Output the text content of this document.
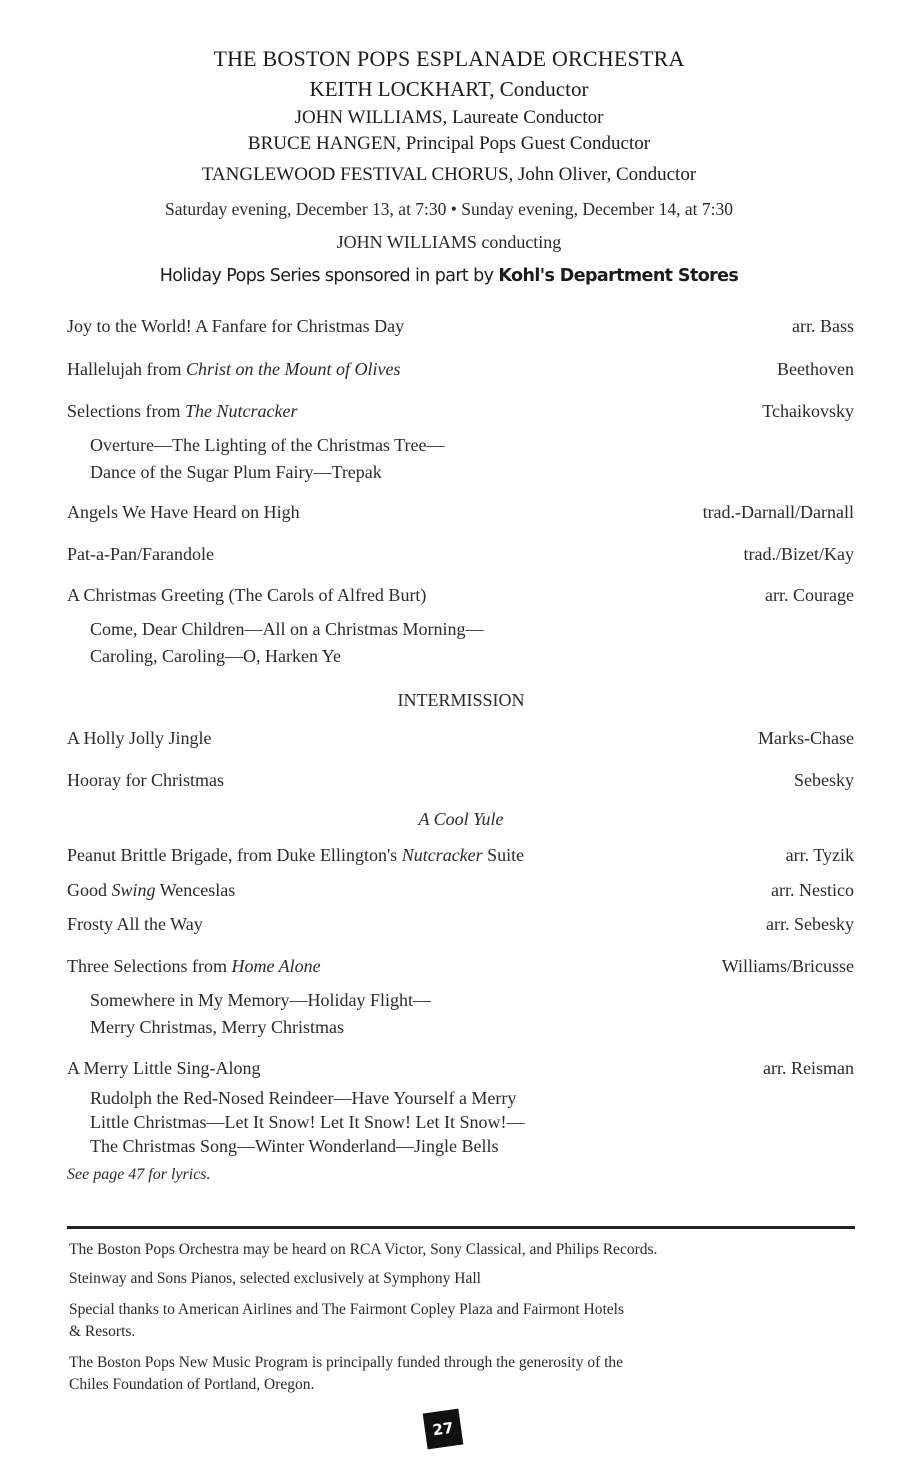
THE BOSTON POPS ESPLANADE ORCHESTRA
KEITH LOCKHART, Conductor
JOHN WILLIAMS, Laureate Conductor
BRUCE HANGEN, Principal Pops Guest Conductor
TANGLEWOOD FESTIVAL CHORUS, John Oliver, Conductor
Saturday evening, December 13, at 7:30 • Sunday evening, December 14, at 7:30
JOHN WILLIAMS conducting
Holiday Pops Series sponsored in part by Kohl's Department Stores
Joy to the World! A Fanfare for Christmas Day	arr. Bass
Hallelujah from Christ on the Mount of Olives	Beethoven
Selections from The Nutcracker	Tchaikovsky
Overture—The Lighting of the Christmas Tree—
Dance of the Sugar Plum Fairy—Trepak
Angels We Have Heard on High	trad.-Darnall/Darnall
Pat-a-Pan/Farandole	trad./Bizet/Kay
A Christmas Greeting (The Carols of Alfred Burt)	arr. Courage
Come, Dear Children—All on a Christmas Morning—
Caroling, Caroling—O, Harken Ye
INTERMISSION
A Holly Jolly Jingle	Marks-Chase
Hooray for Christmas	Sebesky
A Cool Yule
Peanut Brittle Brigade, from Duke Ellington's Nutcracker Suite	arr. Tyzik
Good Swing Wenceslas	arr. Nestico
Frosty All the Way	arr. Sebesky
Three Selections from Home Alone	Williams/Bricusse
Somewhere in My Memory—Holiday Flight—
Merry Christmas, Merry Christmas
A Merry Little Sing-Along	arr. Reisman
Rudolph the Red-Nosed Reindeer—Have Yourself a Merry
Little Christmas—Let It Snow! Let It Snow! Let It Snow!—
The Christmas Song—Winter Wonderland—Jingle Bells
See page 47 for lyrics.
The Boston Pops Orchestra may be heard on RCA Victor, Sony Classical, and Philips Records.
Steinway and Sons Pianos, selected exclusively at Symphony Hall
Special thanks to American Airlines and The Fairmont Copley Plaza and Fairmont Hotels
& Resorts.
The Boston Pops New Music Program is principally funded through the generosity of the
Chiles Foundation of Portland, Oregon.
27
